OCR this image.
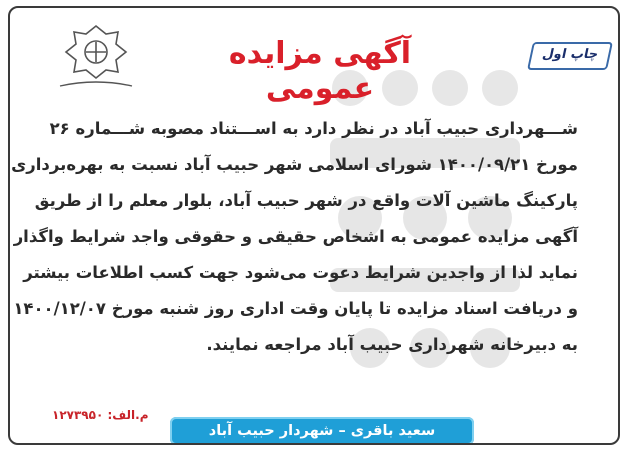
آگهی مزایده عمومی
چاپ اول
شـــهرداری حبیب آباد در نظر دارد به اســـتناد مصوبه شـــماره ۲۶
مورخ ۱۴۰۰/۰۹/۲۱ شورای اسلامی شهر حبیب آباد نسبت به بهره‌برداری
پارکینگ ماشین آلات واقع در شهر حبیب آباد، بلوار معلم را از طریق
آگهی مزایده عمومی به اشخاص حقیقی و حقوقی واجد شرایط واگذار
نماید لذا از واجدین شرایط دعوت می‌شود جهت کسب اطلاعات بیشتر
و دریافت اسناد مزایده تا پایان وقت اداری روز شنبه مورخ ۱۴۰۰/۱۲/۰۷
به دبیرخانه شهرداری حبیب آباد مراجعه نمایند.
م.الف: ۱۲۷۳۹۵۰
سعید باقری – شهردار حبیب آباد
